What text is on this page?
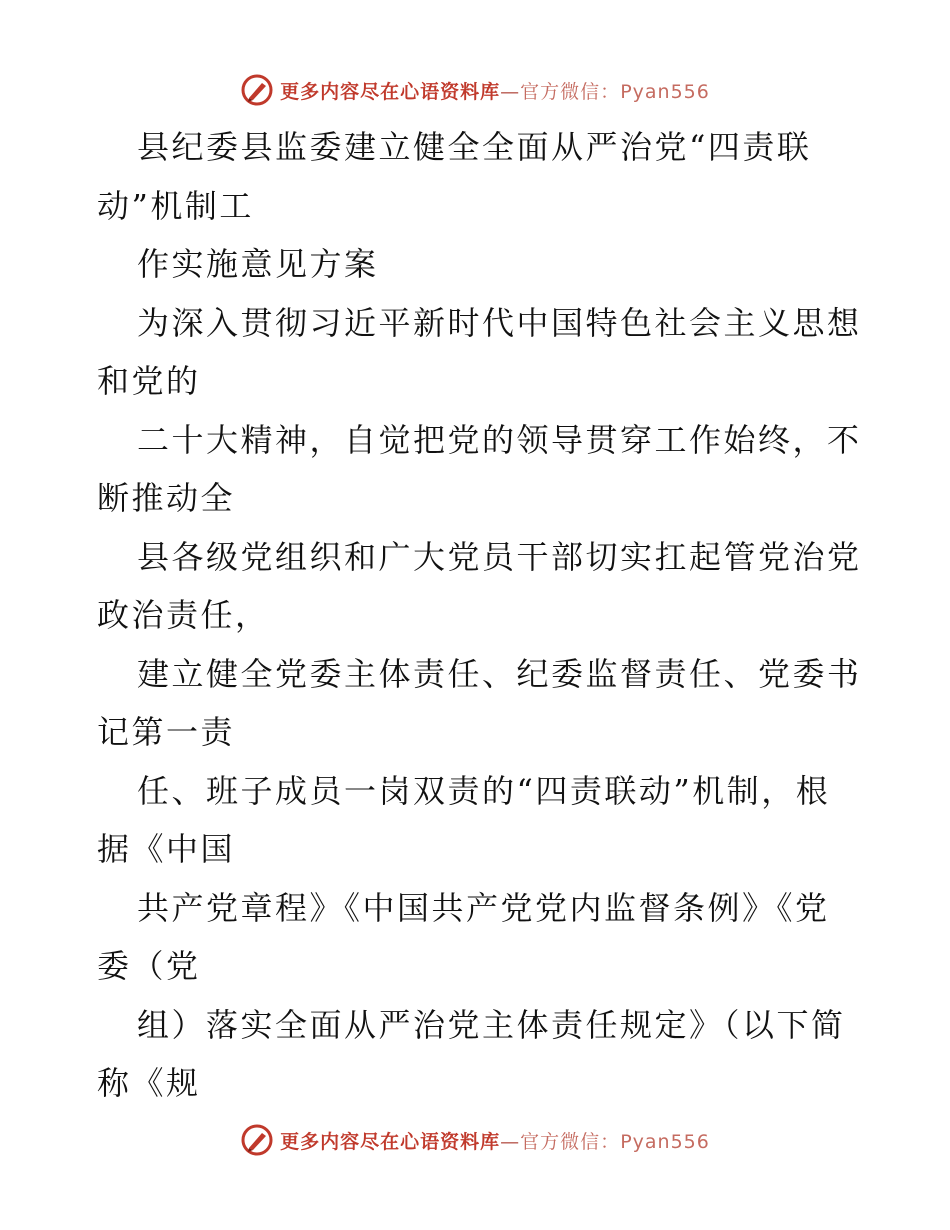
更多内容尽在心语资料库—官方微信：Pyan556
县纪委县监委建立健全全面从严治党“四责联
动”机制工
作实施意见方案
为深入贯彻习近平新时代中国特色社会主义思想
和党的
二十大精神，自觉把党的领导贯穿工作始终，不
断推动全
县各级党组织和广大党员干部切实扛起管党治党
政治责任，
建立健全党委主体责任、纪委监督责任、党委书
记第一责
任、班子成员一岗双责的“四责联动”机制，根
据《中国
共产党章程》《中国共产党党内监督条例》《党
委（党
组）落实全面从严治党主体责任规定》（以下简
称《规
更多内容尽在心语资料库—官方微信：Pyan556
